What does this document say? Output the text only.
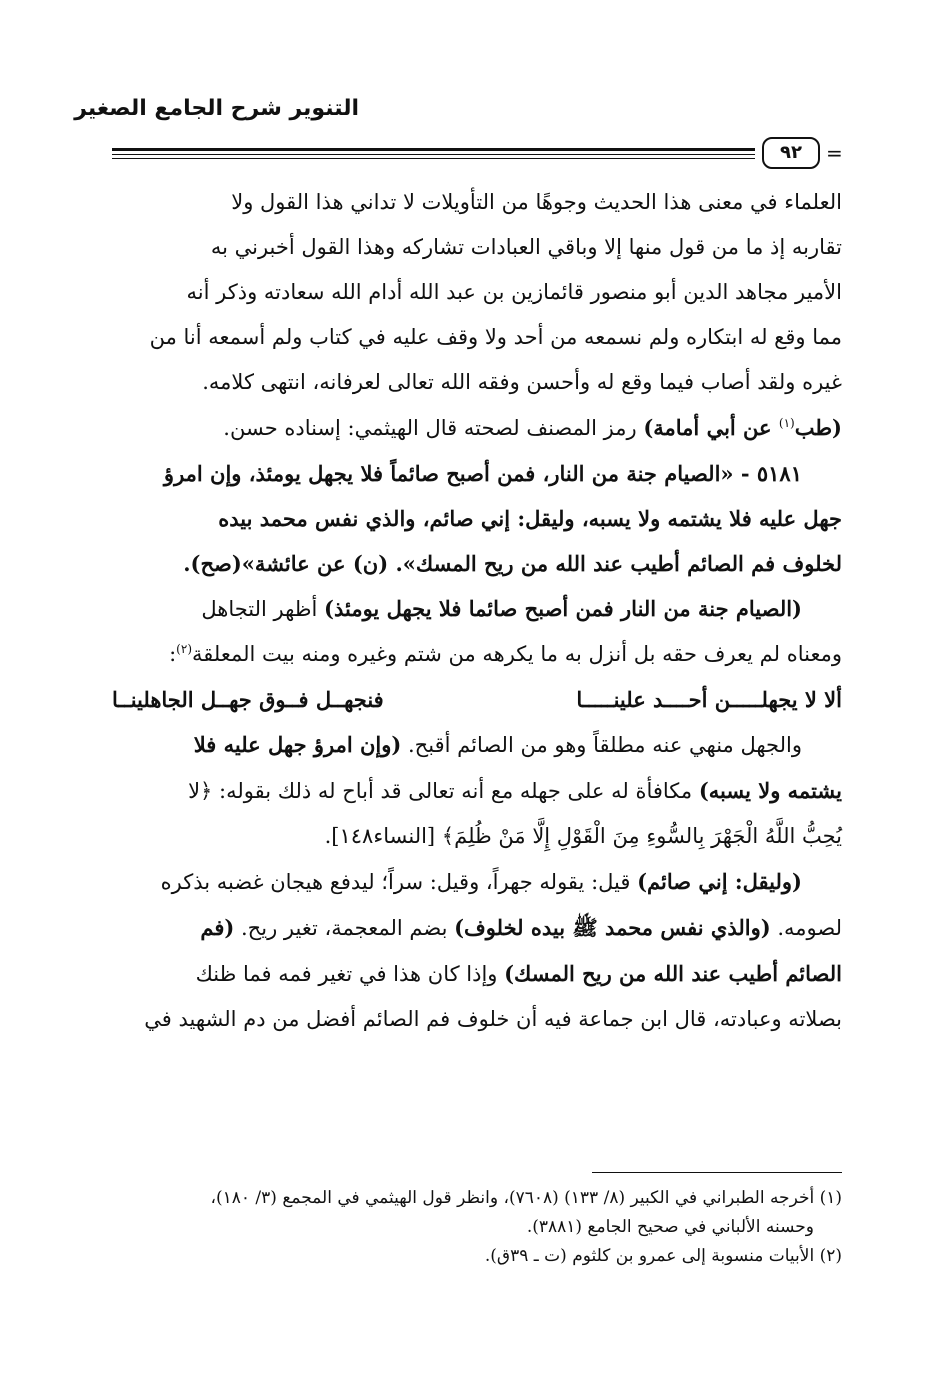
التنوير شرح الجامع الصغير
٩٢	=

العلماء في معنى هذا الحديث وجوهًا من التأويلات لا تداني هذا القول ولا

تقاربه إذ ما من قول منها إلا وباقي العبادات تشاركه وهذا القول أخبرني به

الأمير مجاهد الدين أبو منصور قائمازين بن عبد الله أدام الله سعادته وذكر أنه

مما وقع له ابتكاره ولم نسمعه من أحد ولا وقف عليه في كتاب ولم أسمعه أنا من

غيره ولقد أصاب فيما وقع له وأحسن وفقه الله تعالى لعرفانه، انتهى كلامه.

(طب$^{(١)}$ عن أبي أمامة) رمز المصنف لصحته قال الهيثمي: إسناده حسن.

٥١٨١ - «الصيام جنة من النار، فمن أصبح صائماً فلا يجهل يومئذ، وإن امرؤ

جهل عليه فلا يشتمه ولا يسبه، وليقل: إني صائم، والذي نفس محمد بيده

لخلوف فم الصائم أطيب عند الله من ريح المسك». (ن) عن عائشة»(صح).

(الصيام جنة من النار فمن أصبح صائما فلا يجهل يومئذ) أظهر التجاهل

ومعناه لم يعرف حقه بل أنزل به ما يكرهه من شتم وغيره ومنه بيت المعلقة$^{(٢)}$:

ألا لا يجهلـــــن أحــــد علينـــــا
فنجهــل فــوق جهــل الجاهلينــا

والجهل منهي عنه مطلقاً وهو من الصائم أقبح. (وإن امرؤ جهل عليه فلا

يشتمه ولا يسبه) مكافأة له على جهله مع أنه تعالى قد أباح له ذلك بقوله: ﴿لا

يُحِبُّ اللَّهُ الْجَهْرَ بِالسُّوءِ مِنَ الْقَوْلِ إِلَّا مَنْ ظُلِمَ﴾ [النساء١٤٨].

(وليقل: إني صائم) قيل: يقوله جهراً، وقيل: سراً؛ ليدفع هيجان غضبه بذكره

لصومه. (والذي نفس محمد ﷺ بيده لخلوف) بضم المعجمة، تغير ريح. (فم

الصائم أطيب عند الله من ريح المسك) وإذا كان هذا في تغير فمه فما ظنك

بصلاته وعبادته، قال ابن جماعة فيه أن خلوف فم الصائم أفضل من دم الشهيد في

(١) أخرجه الطبراني في الكبير (٨/ ١٣٣) (٧٦٠٨)، وانظر قول الهيثمي في المجمع (٣/ ١٨٠)،

وحسنه الألباني في صحيح الجامع (٣٨٨١).

(٢) الأبيات منسوبة إلى عمرو بن كلثوم (ت ـ ٣٩ق).
